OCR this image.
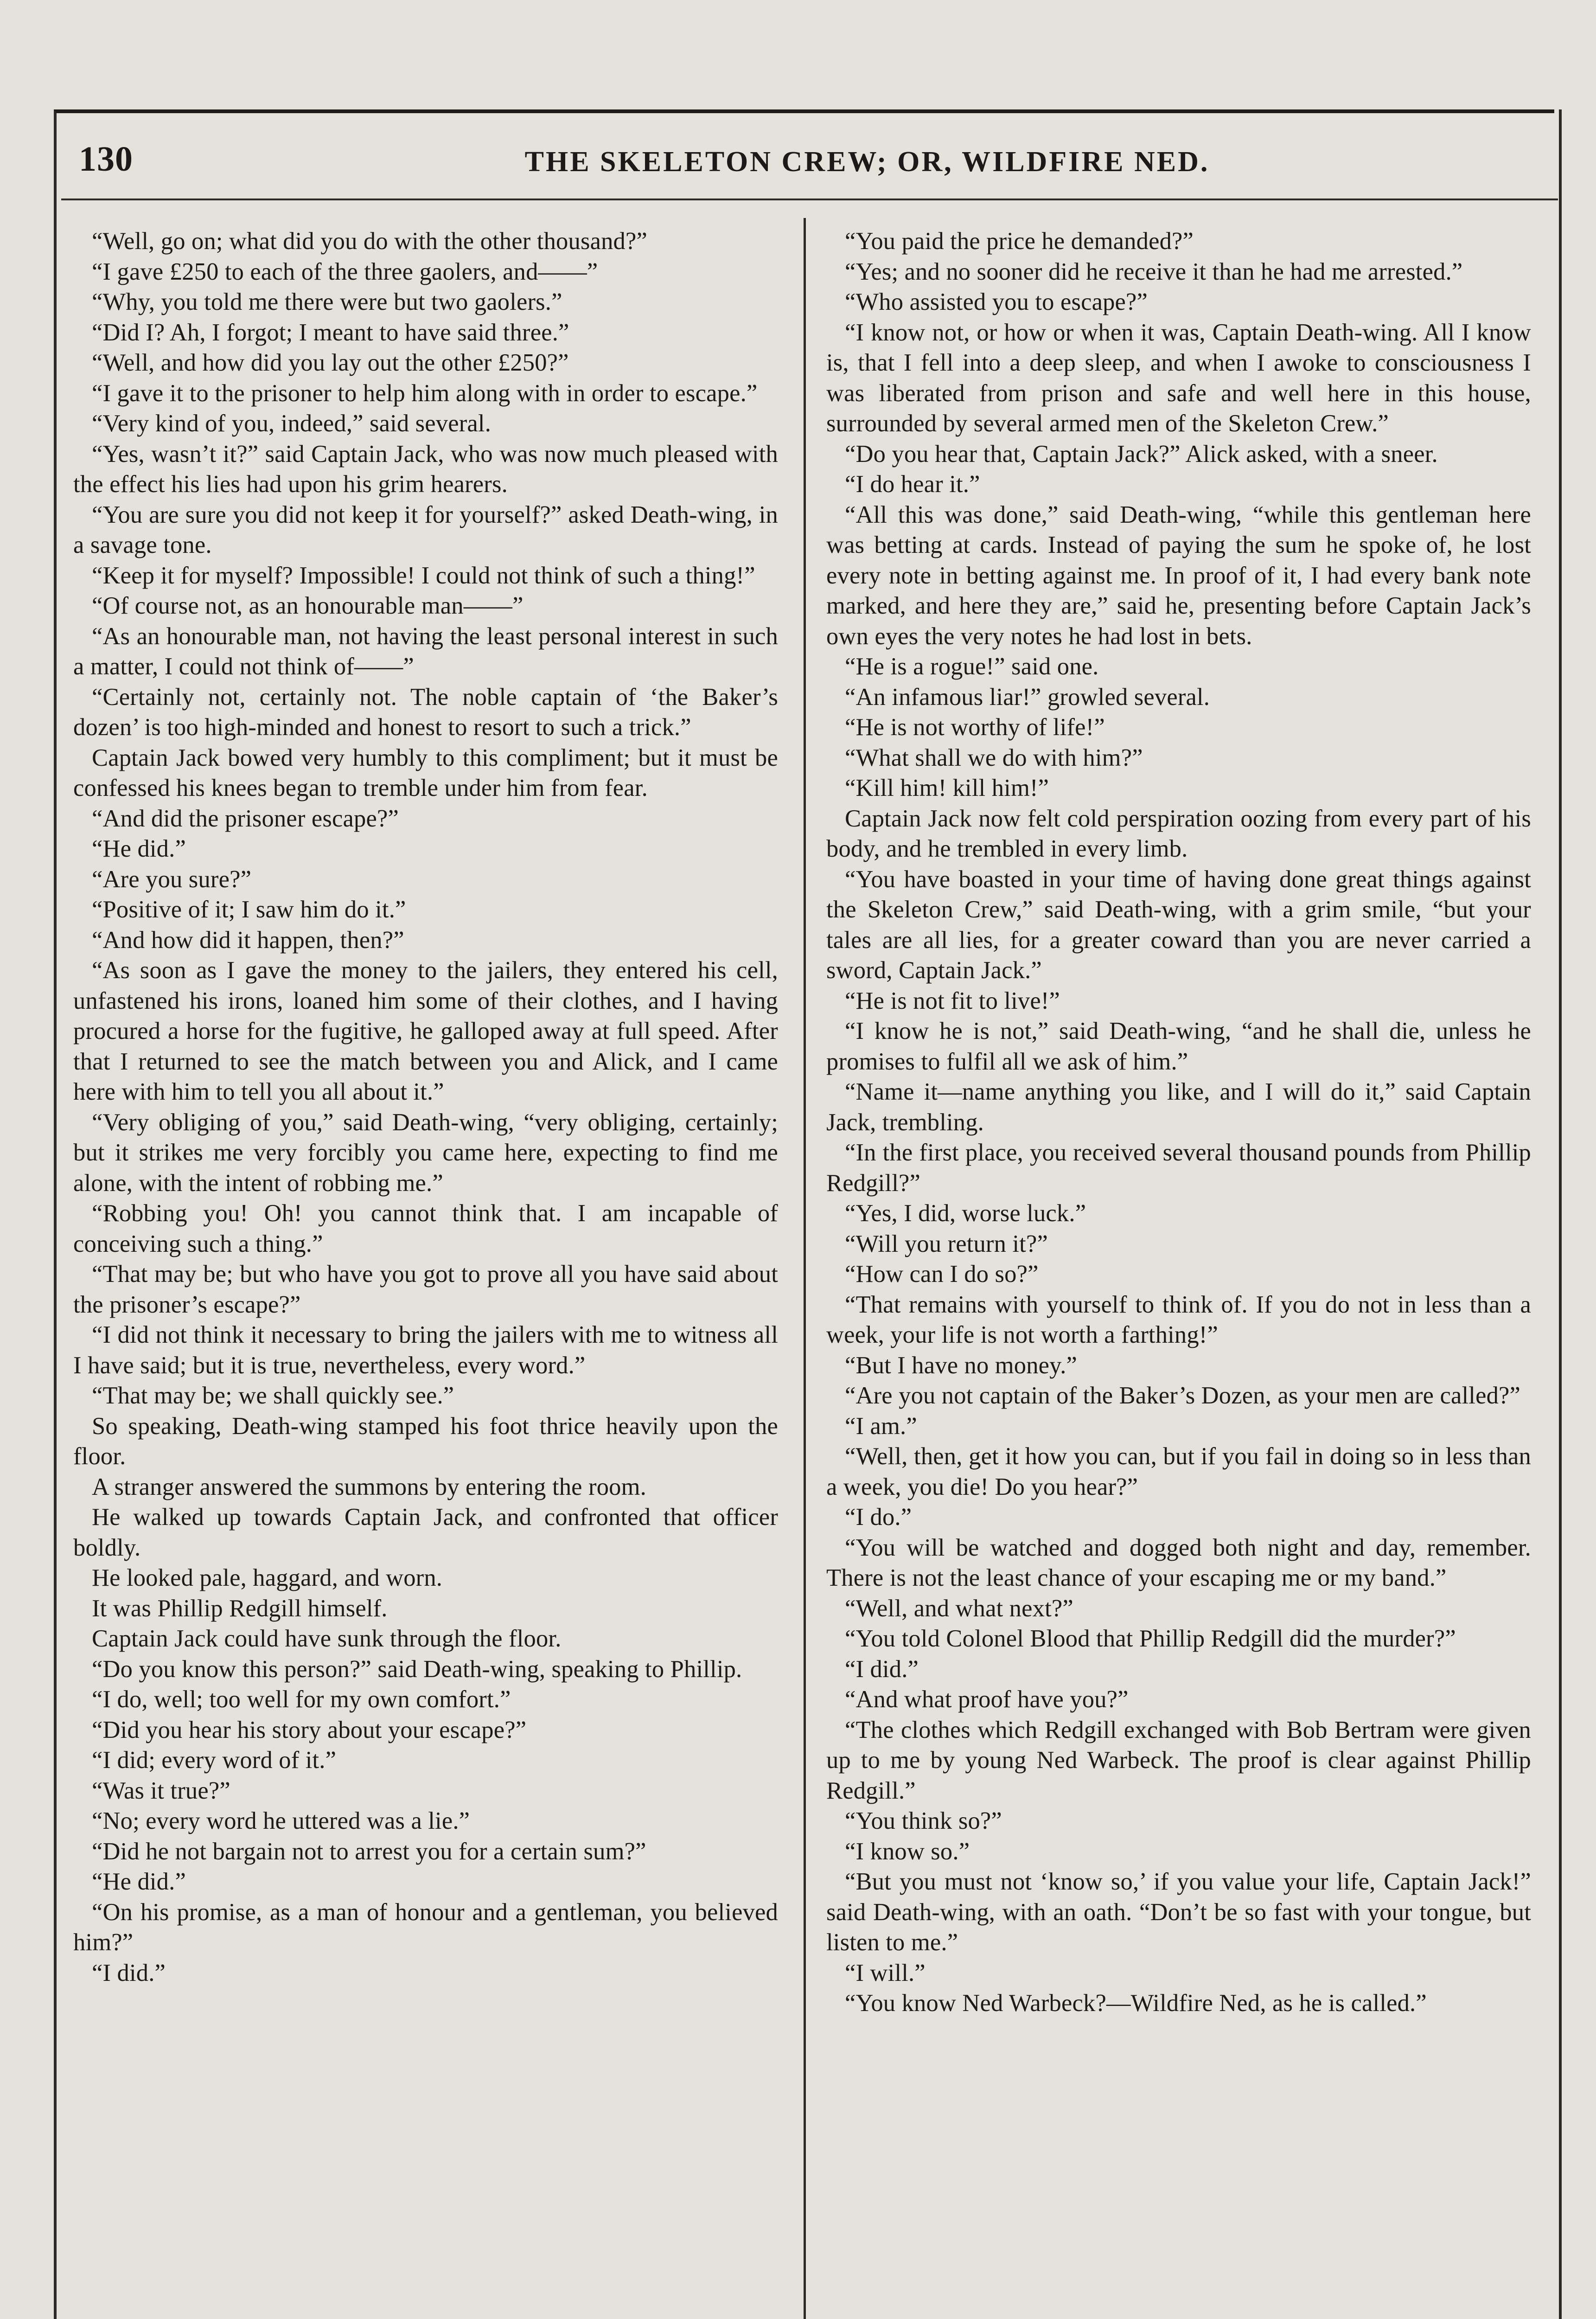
130	THE SKELETON CREW; OR, WILDFIRE NED.

“Well, go on; what did you do with the other thousand?”

“I gave £250 to each of the three gaolers, and——”

“Why, you told me there were but two gaolers.”

“Did I? Ah, I forgot; I meant to have said three.”

“Well, and how did you lay out the other £250?”

“I gave it to the prisoner to help him along with in order to escape.”

“Very kind of you, indeed,” said several.

“Yes, wasn’t it?” said Captain Jack, who was now much pleased with the effect his lies had upon his grim hearers.

“You are sure you did not keep it for yourself?” asked Death-wing, in a savage tone.

“Keep it for myself? Impossible! I could not think of such a thing!”

“Of course not, as an honourable man——”

“As an honourable man, not having the least personal interest in such a matter, I could not think of——”

“Certainly not, certainly not. The noble captain of ‘the Baker’s dozen’ is too high-minded and honest to resort to such a trick.”

Captain Jack bowed very humbly to this compliment; but it must be confessed his knees began to tremble under him from fear.

“And did the prisoner escape?”

“He did.”

“Are you sure?”

“Positive of it; I saw him do it.”

“And how did it happen, then?”

“As soon as I gave the money to the jailers, they entered his cell, unfastened his irons, loaned him some of their clothes, and I having procured a horse for the fugitive, he galloped away at full speed. After that I returned to see the match between you and Alick, and I came here with him to tell you all about it.”

“Very obliging of you,” said Death-wing, “very obliging, certainly; but it strikes me very forcibly you came here, expecting to find me alone, with the intent of robbing me.”

“Robbing you! Oh! you cannot think that. I am incapable of conceiving such a thing.”

“That may be; but who have you got to prove all you have said about the prisoner’s escape?”

“I did not think it necessary to bring the jailers with me to witness all I have said; but it is true, nevertheless, every word.”

“That may be; we shall quickly see.”

So speaking, Death-wing stamped his foot thrice heavily upon the floor.

A stranger answered the summons by entering the room.

He walked up towards Captain Jack, and confronted that officer boldly.

He looked pale, haggard, and worn.

It was Phillip Redgill himself.

Captain Jack could have sunk through the floor.

“Do you know this person?” said Death-wing, speaking to Phillip.

“I do, well; too well for my own comfort.”

“Did you hear his story about your escape?”

“I did; every word of it.”

“Was it true?”

“No; every word he uttered was a lie.”

“Did he not bargain not to arrest you for a certain sum?”

“He did.”

“On his promise, as a man of honour and a gentleman, you believed him?”

“I did.”

“You paid the price he demanded?”

“Yes; and no sooner did he receive it than he had me arrested.”

“Who assisted you to escape?”

“I know not, or how or when it was, Captain Death-wing. All I know is, that I fell into a deep sleep, and when I awoke to consciousness I was liberated from prison and safe and well here in this house, surrounded by several armed men of the Skeleton Crew.”

“Do you hear that, Captain Jack?” Alick asked, with a sneer.

“I do hear it.”

“All this was done,” said Death-wing, “while this gentleman here was betting at cards. Instead of paying the sum he spoke of, he lost every note in betting against me. In proof of it, I had every bank note marked, and here they are,” said he, presenting before Captain Jack’s own eyes the very notes he had lost in bets.

“He is a rogue!” said one.

“An infamous liar!” growled several.

“He is not worthy of life!”

“What shall we do with him?”

“Kill him! kill him!”

Captain Jack now felt cold perspiration oozing from every part of his body, and he trembled in every limb.

“You have boasted in your time of having done great things against the Skeleton Crew,” said Death-wing, with a grim smile, “but your tales are all lies, for a greater coward than you are never carried a sword, Captain Jack.”

“He is not fit to live!”

“I know he is not,” said Death-wing, “and he shall die, unless he promises to fulfil all we ask of him.”

“Name it—name anything you like, and I will do it,” said Captain Jack, trembling.

“In the first place, you received several thousand pounds from Phillip Redgill?”

“Yes, I did, worse luck.”

“Will you return it?”

“How can I do so?”

“That remains with yourself to think of. If you do not in less than a week, your life is not worth a farthing!”

“But I have no money.”

“Are you not captain of the Baker’s Dozen, as your men are called?”

“I am.”

“Well, then, get it how you can, but if you fail in doing so in less than a week, you die! Do you hear?”

“I do.”

“You will be watched and dogged both night and day, remember. There is not the least chance of your escaping me or my band.”

“Well, and what next?”

“You told Colonel Blood that Phillip Redgill did the murder?”

“I did.”

“And what proof have you?”

“The clothes which Redgill exchanged with Bob Bertram were given up to me by young Ned Warbeck. The proof is clear against Phillip Redgill.”

“You think so?”

“I know so.”

“But you must not ‘know so,’ if you value your life, Captain Jack!” said Death-wing, with an oath. “Don’t be so fast with your tongue, but listen to me.”

“I will.”

“You know Ned Warbeck?—Wildfire Ned, as he is called.”
